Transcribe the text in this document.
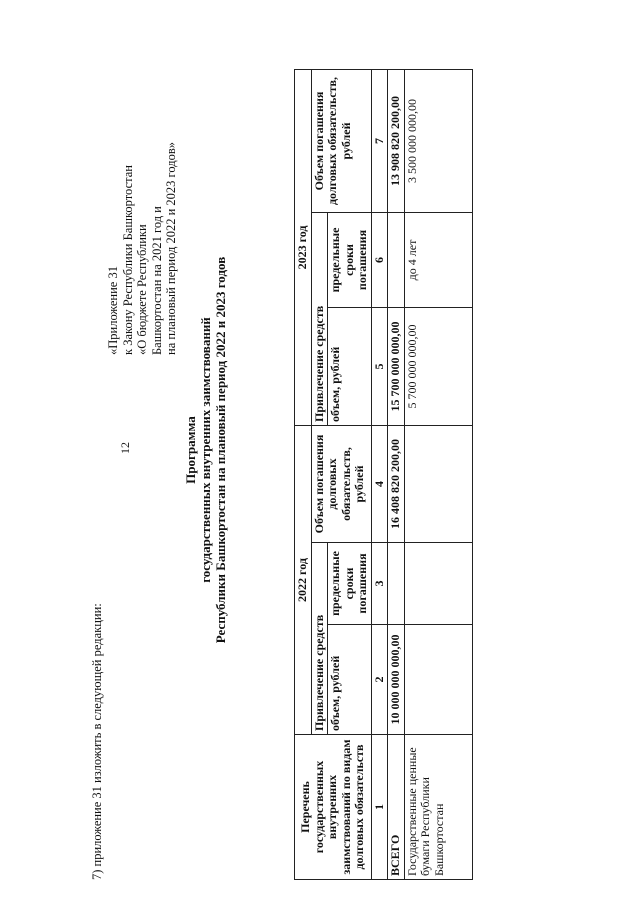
12
7) приложение 31 изложить в следующей редакции:
«Приложение 31 к Закону Республики Башкортостан «О бюджете Республики Башкортостан на 2021 год и на плановый период 2022 и 2023 годов»
Программа государственных внутренних заимствований Республики Башкортостан на плановый период 2022 и 2023 годов
Перечень государственных внутренних заимствований по видам долговых обязательств	2022 год			2023 год		
	Привлечение средств		Объем погашения долговых обязательств, рублей	Привлечение средств		Объем погашения долговых обязательств, рублей
	объем, рублей	предельные сроки погашения		объем, рублей	предельные сроки погашения	
1	2	3	4	5	6	7
ВСЕГО	10 000 000 000,00		16 408 820 200,00	15 700 000 000,00		13 908 820 200,00
Государственные ценные бумаги Республики Башкортостан				5 700 000 000,00	до 4 лет	3 500 000 000,00
